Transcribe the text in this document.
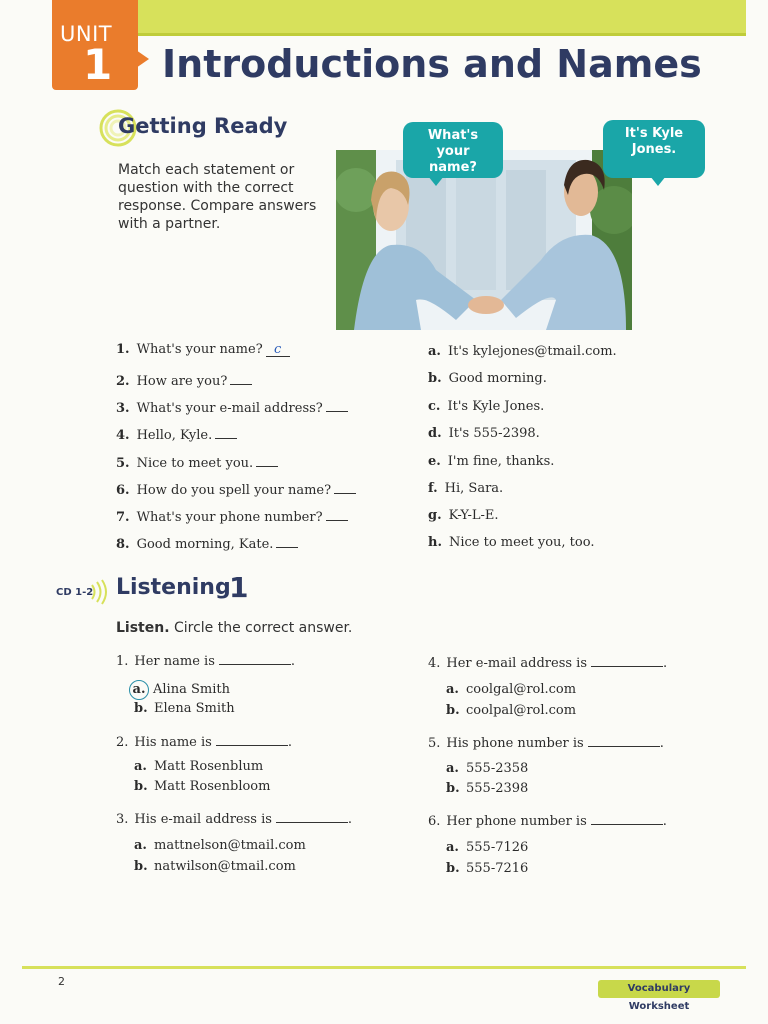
UNIT
1 Introductions and Names
Getting Ready
Match each statement or question with the correct response. Compare answers with a partner.
What's your name?
It's Kyle Jones.
1. What's your name? c
2. How are you?
3. What's your e-mail address?
4. Hello, Kyle.
5. Nice to meet you.
6. How do you spell your name?
7. What's your phone number?
8. Good morning, Kate.
a. It's kylejones@tmail.com.
b. Good morning.
c. It's Kyle Jones.
d. It's 555-2398.
e. I'm fine, thanks.
f. Hi, Sara.
g. K-Y-L-E.
h. Nice to meet you, too.
CD 1-2 Listening
1
Listen. Circle the correct answer.
1. Her name is	.
a. Alina Smith
b. Elena Smith
2. His name is	.
a. Matt Rosenblum
b. Matt Rosenbloom
3. His e-mail address is	.
a. mattnelson@tmail.com
b. natwilson@tmail.com
4. Her e-mail address is	.
a. coolgal@rol.com
b. coolpal@rol.com
5. His phone number is	.
a. 555-2358
b. 555-2398
6. Her phone number is	.
a. 555-7126
b. 555-7216
2
Vocabulary Worksheet
